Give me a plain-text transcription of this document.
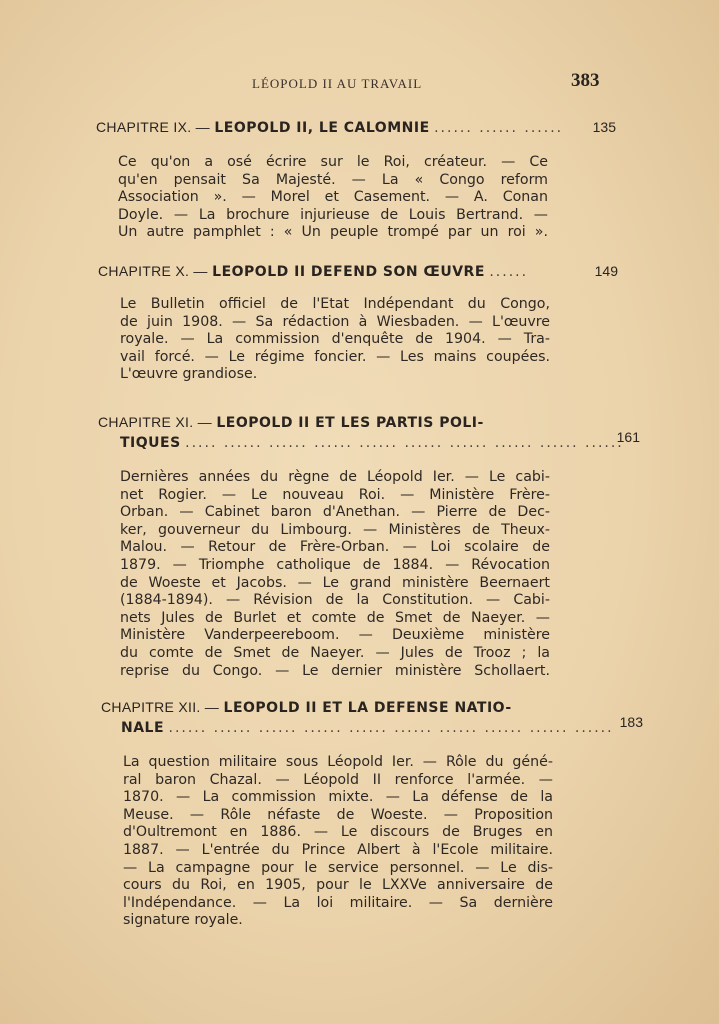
LÉOPOLD II AU TRAVAIL	383
CHAPITRE IX. — LEOPOLD II, LE CALOMNIE ...... ...... ...... 135
Ce qu'on a osé écrire sur le Roi, créateur. — Ce
qu'en pensait Sa Majesté. — La « Congo reform
Association ». — Morel et Casement. — A. Conan
Doyle. — La brochure injurieuse de Louis Bertrand. —
Un autre pamphlet : « Un peuple trompé par un roi ».
CHAPITRE X. — LEOPOLD II DEFEND SON ŒUVRE ......	149
Le Bulletin officiel de l'Etat Indépendant du Congo,
de juin 1908. — Sa rédaction à Wiesbaden. — L'œuvre
royale. — La commission d'enquête de 1904. — Tra-
vail forcé. — Le régime foncier. — Les mains coupées.
L'œuvre grandiose.
CHAPITRE XI. — LEOPOLD II ET LES PARTIS POLI-
TIQUES ..... ...... ...... ...... ...... ...... ...... ...... ...... ......
161
Dernières années du règne de Léopold Ier. — Le cabi-
net Rogier. — Le nouveau Roi. — Ministère Frère-
Orban. — Cabinet baron d'Anethan. — Pierre de Dec-
ker, gouverneur du Limbourg. — Ministères de Theux-
Malou. — Retour de Frère-Orban. — Loi scolaire de
1879. — Triomphe catholique de 1884. — Révocation
de Woeste et Jacobs. — Le grand ministère Beernaert
(1884-1894). — Révision de la Constitution. — Cabi-
nets Jules de Burlet et comte de Smet de Naeyer. —
Ministère Vanderpeereboom. — Deuxième ministère
du comte de Smet de Naeyer. — Jules de Trooz ; la
reprise du Congo. — Le dernier ministère Schollaert.
CHAPITRE XII. — LEOPOLD II ET LA DEFENSE NATIO-
NALE ...... ...... ...... ...... ...... ...... ...... ...... ...... ...... 183
La question militaire sous Léopold Ier. — Rôle du géné-
ral baron Chazal. — Léopold II renforce l'armée. —
1870. — La commission mixte. — La défense de la
Meuse. — Rôle néfaste de Woeste. — Proposition
d'Oultremont en 1886. — Le discours de Bruges en
1887. — L'entrée du Prince Albert à l'Ecole militaire.
— La campagne pour le service personnel. — Le dis-
cours du Roi, en 1905, pour le LXXVe anniversaire de
l'Indépendance. — La loi militaire. — Sa dernière
signature royale.
